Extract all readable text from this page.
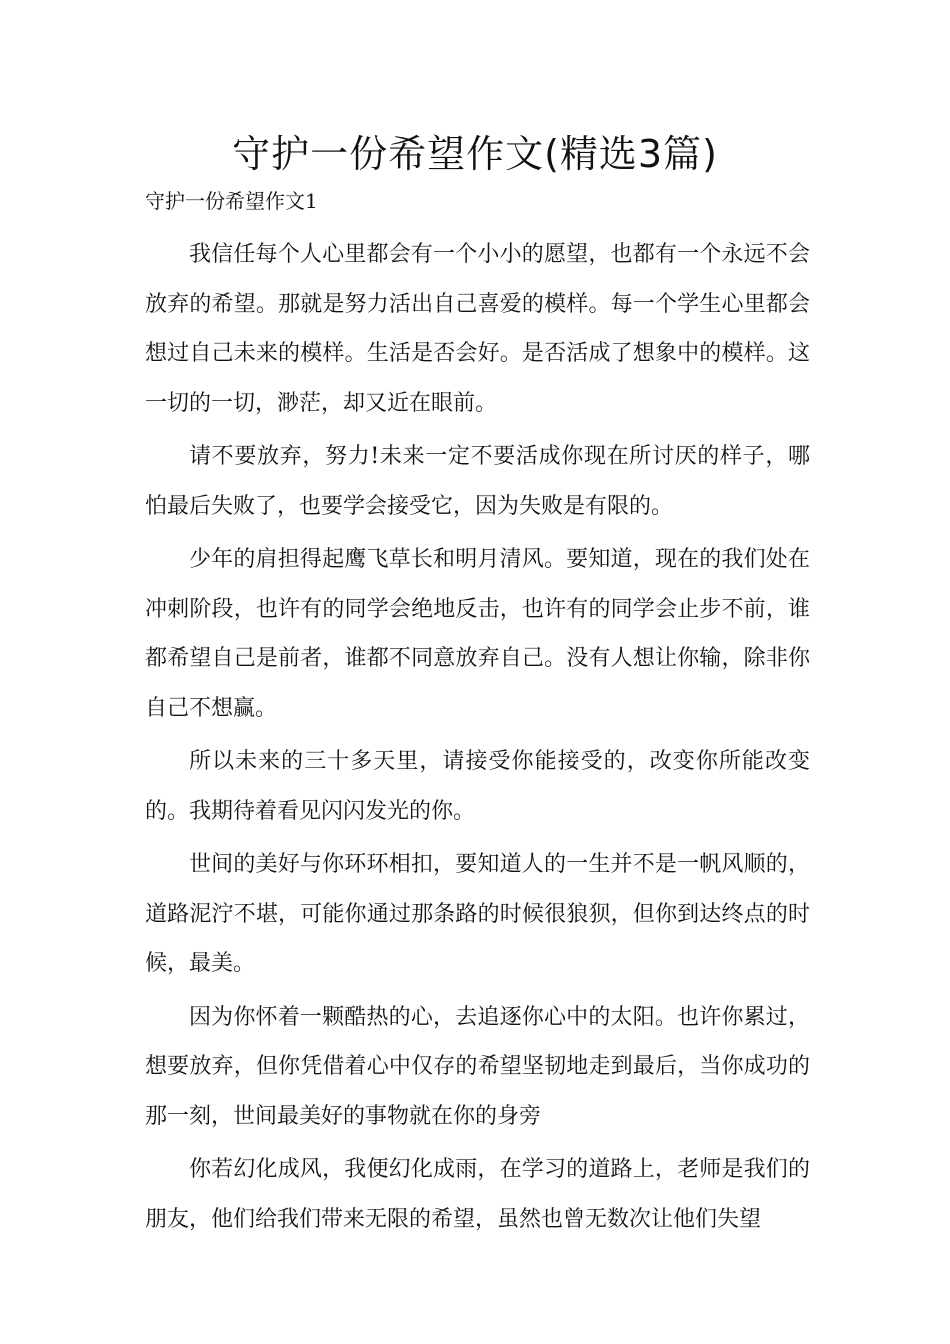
守护一份希望作文(精选3篇)

守护一份希望作文1

我信任每个人心里都会有一个小小的愿望，也都有一个永远不会放弃的希望。那就是努力活出自己喜爱的模样。每一个学生心里都会想过自己未来的模样。生活是否会好。是否活成了想象中的模样。这一切的一切，渺茫，却又近在眼前。

请不要放弃，努力!未来一定不要活成你现在所讨厌的样子，哪怕最后失败了，也要学会接受它，因为失败是有限的。

少年的肩担得起鹰飞草长和明月清风。要知道，现在的我们处在冲刺阶段，也许有的同学会绝地反击，也许有的同学会止步不前，谁都希望自己是前者，谁都不同意放弃自己。没有人想让你输，除非你自己不想赢。

所以未来的三十多天里，请接受你能接受的，改变你所能改变的。我期待着看见闪闪发光的你。

世间的美好与你环环相扣，要知道人的一生并不是一帆风顺的，道路泥泞不堪，可能你通过那条路的时候很狼狈，但你到达终点的时候，最美。

因为你怀着一颗酷热的心，去追逐你心中的太阳。也许你累过，想要放弃，但你凭借着心中仅存的希望坚韧地走到最后，当你成功的那一刻，世间最美好的事物就在你的身旁

你若幻化成风，我便幻化成雨，在学习的道路上，老师是我们的朋友，他们给我们带来无限的希望，虽然也曾无数次让他们失望
